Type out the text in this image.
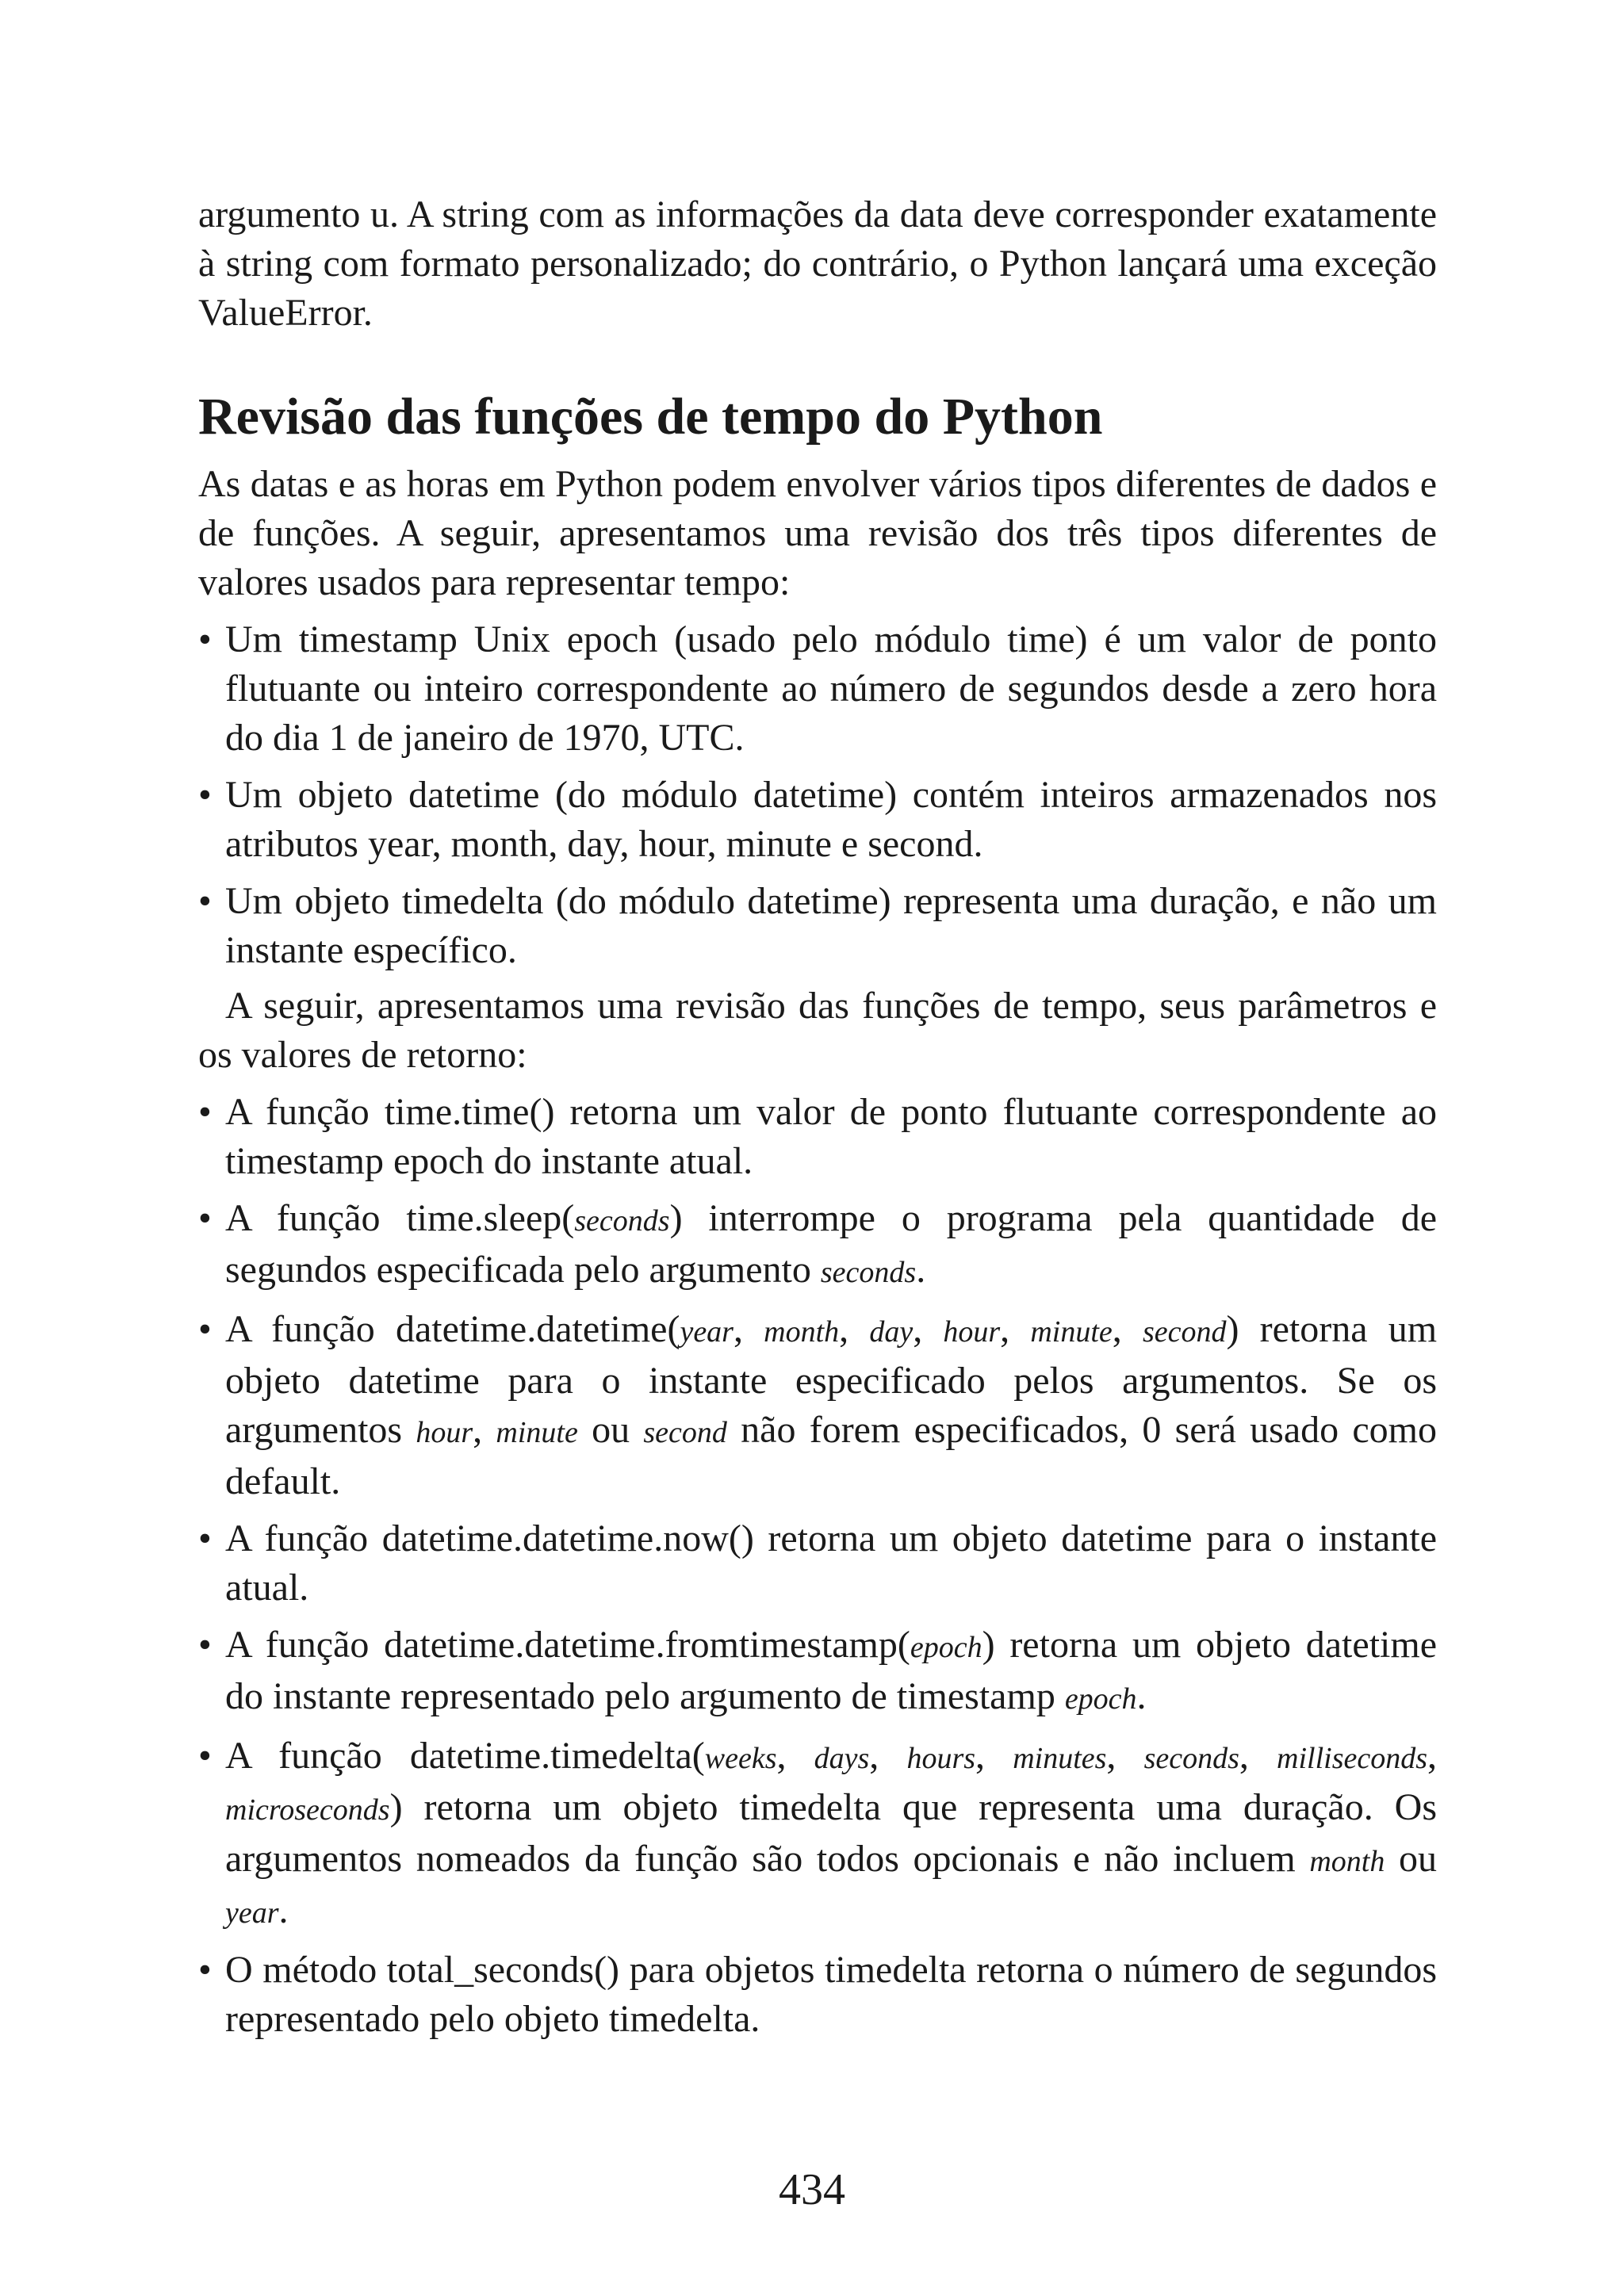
argumento u. A string com as informações da data deve corresponder exatamente à string com formato personalizado; do contrário, o Python lançará uma exceção ValueError.

Revisão das funções de tempo do Python

As datas e as horas em Python podem envolver vários tipos diferentes de dados e de funções. A seguir, apresentamos uma revisão dos três tipos diferentes de valores usados para representar tempo:

• Um timestamp Unix epoch (usado pelo módulo time) é um valor de ponto flutuante ou inteiro correspondente ao número de segundos desde a zero hora do dia 1 de janeiro de 1970, UTC.
• Um objeto datetime (do módulo datetime) contém inteiros armazenados nos atributos year, month, day, hour, minute e second.
• Um objeto timedelta (do módulo datetime) representa uma duração, e não um instante específico.

A seguir, apresentamos uma revisão das funções de tempo, seus parâmetros e os valores de retorno:

• A função time.time() retorna um valor de ponto flutuante correspondente ao timestamp epoch do instante atual.
• A função time.sleep(seconds) interrompe o programa pela quantidade de segundos especificada pelo argumento seconds.
• A função datetime.datetime(year, month, day, hour, minute, second) retorna um objeto datetime para o instante especificado pelos argumentos. Se os argumentos hour, minute ou second não forem especificados, 0 será usado como default.
• A função datetime.datetime.now() retorna um objeto datetime para o instante atual.
• A função datetime.datetime.fromtimestamp(epoch) retorna um objeto datetime do instante representado pelo argumento de timestamp epoch.
• A função datetime.timedelta(weeks, days, hours, minutes, seconds, milliseconds, microseconds) retorna um objeto timedelta que representa uma duração. Os argumentos nomeados da função são todos opcionais e não incluem month ou year.
• O método total_seconds() para objetos timedelta retorna o número de segundos representado pelo objeto timedelta.
434
